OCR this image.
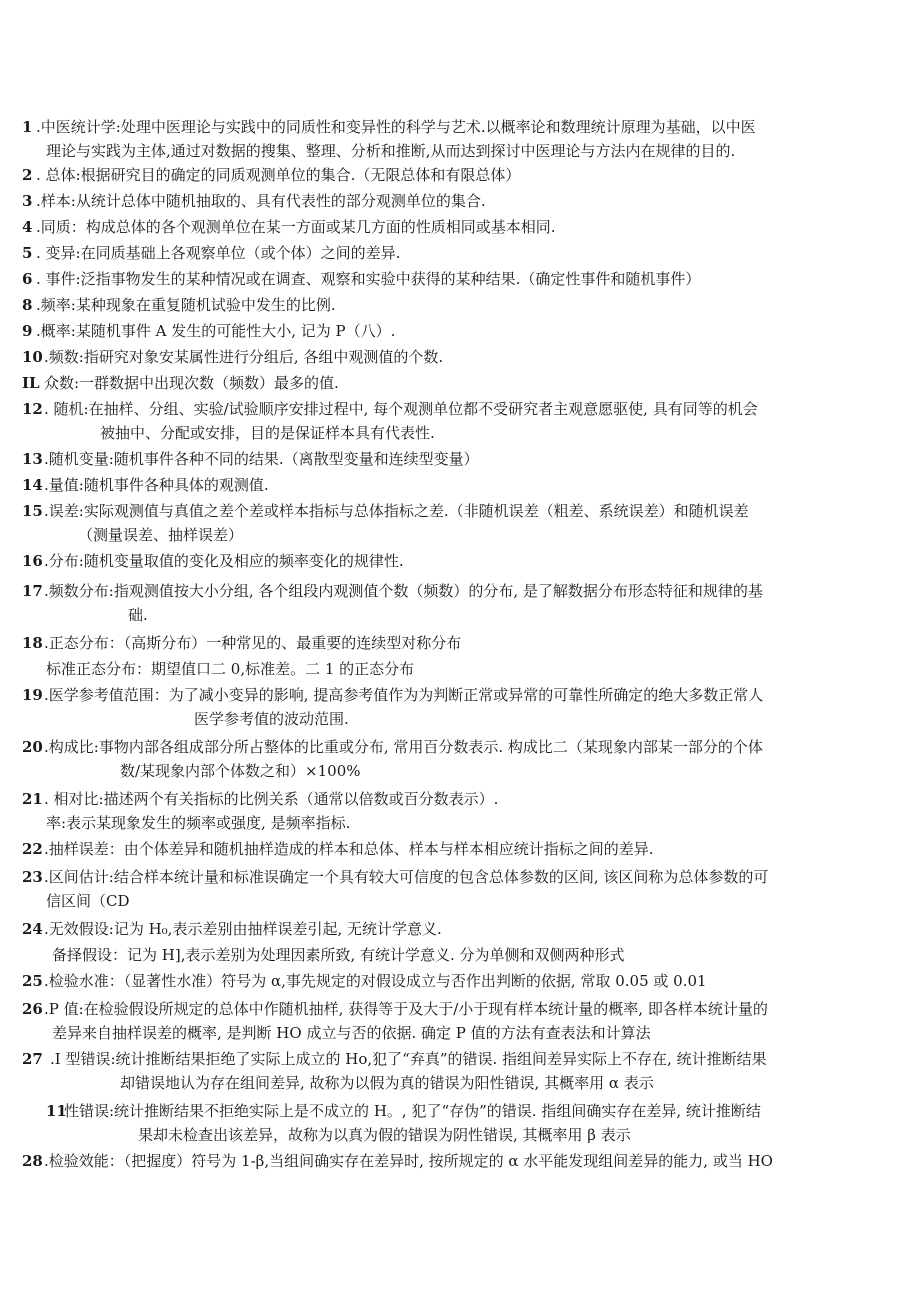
1 .中医统计学:处理中医理论与实践中的同质性和变异性的科学与艺术.以概率论和数理统计原理为基础，以中医
理论与实践为主体,通过对数据的搜集、整理、分析和推断,从而达到探讨中医理论与方法内在规律的目的.
2 . 总体:根据研究目的确定的同质观测单位的集合.（无限总体和有限总体）
3 .样本:从统计总体中随机抽取的、具有代表性的部分观测单位的集合.
4 .同质：构成总体的各个观测单位在某一方面或某几方面的性质相同或基本相同.
5 . 变异:在同质基础上各观察单位（或个体）之间的差异.
6 . 事件:泛指事物发生的某种情况或在调查、观察和实验中获得的某种结果.（确定性事件和随机事件）
8 .频率:某种现象在重复随机试验中发生的比例.
9 .概率:某随机事件 A 发生的可能性大小, 记为 P（八）.
10 .频数:指研究对象安某属性进行分组后, 各组中观测值的个数.
IL 众数:一群数据中出现次数（频数）最多的值.
12 . 随机:在抽样、分组、实验/试验顺序安排过程中, 每个观测单位都不受研究者主观意愿驱使, 具有同等的机会
被抽中、分配或安排，目的是保证样本具有代表性.
13 .随机变量:随机事件各种不同的结果.（离散型变量和连续型变量）
14 .量值:随机事件各种具体的观测值.
15 .误差:实际观测值与真值之差个差或样本指标与总体指标之差.（非随机误差（粗差、系统误差）和随机误差
（测量误差、抽样误差）
16 .分布:随机变量取值的变化及相应的频率变化的规律性.
17 .频数分布:指观测值按大小分组, 各个组段内观测值个数（频数）的分布, 是了解数据分布形态特征和规律的基
础.
18 .正态分布：（高斯分布）一种常见的、最重要的连续型对称分布
标准正态分布：期望值口二 0,标准差。二 1 的正态分布
19 .医学参考值范围：为了减小变异的影响, 提高参考值作为为判断正常或异常的可靠性所确定的绝大多数正常人
医学参考值的波动范围.
20 .构成比:事物内部各组成部分所占整体的比重或分布, 常用百分数表示. 构成比二（某现象内部某一部分的个体
数/某现象内部个体数之和）×100%
21 . 相对比:描述两个有关指标的比例关系（通常以倍数或百分数表示）.
率:表示某现象发生的频率或强度, 是频率指标.
22 .抽样误差：由个体差异和随机抽样造成的样本和总体、样本与样本相应统计指标之间的差异.
23 .区间估计:结合样本统计量和标准误确定一个具有较大可信度的包含总体参数的区间, 该区间称为总体参数的可
信区间（CD
24 .无效假设:记为 H₀,表示差别由抽样误差引起, 无统计学意义.
备择假设：记为 H],表示差别为处理因素所致, 有统计学意义. 分为单侧和双侧两种形式
25 .检验水准：（显著性水准）符号为 α,事先规定的对假设成立与否作出判断的依据, 常取 0.05 或 0.01
26 .P 值:在检验假设所规定的总体中作随机抽样, 获得等于及大于/小于现有样本统计量的概率, 即各样本统计量的
差异来自抽样误差的概率, 是判断 HO 成立与否的依据. 确定 P 值的方法有查表法和计算法
27 .I 型错误:统计推断结果拒绝了实际上成立的 Ho,犯了“弃真”的错误. 指组间差异实际上不存在, 统计推断结果
却错误地认为存在组间差异, 故称为以假为真的错误为阳性错误, 其概率用 α 表示
11
性错误:统计推断结果不拒绝实际上是不成立的 H。, 犯了“存伪”的错误. 指组间确实存在差异, 统计推断结
果却未检查出该差异，故称为以真为假的错误为阴性错误, 其概率用 β 表示
28 .检验效能：（把握度）符号为 1-β,当组间确实存在差异时, 按所规定的 α 水平能发现组间差异的能力, 或当 HO
